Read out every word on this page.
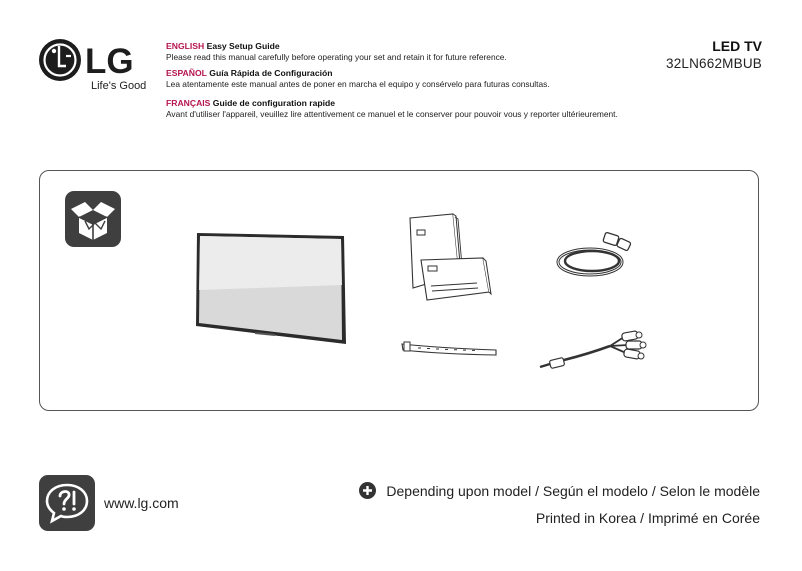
LG
Life's Good
ENGLISH Easy Setup Guide
Please read this manual carefully before operating your set and retain it for future reference.
ESPAÑOL Guía Rápida de Configuración
Lea atentamente este manual antes de poner en marcha el equipo y consérvelo para futuras consultas.
FRANÇAIS Guide de configuration rapide
Avant d'utiliser l'appareil, veuillez lire attentivement ce manuel et le conserver pour pouvoir vous y reporter ultérieurement.
LED TV
32LN662MBUB
www.lg.com
Depending upon model / Según el modelo / Selon le modèle
Printed in Korea / Imprimé en Corée
